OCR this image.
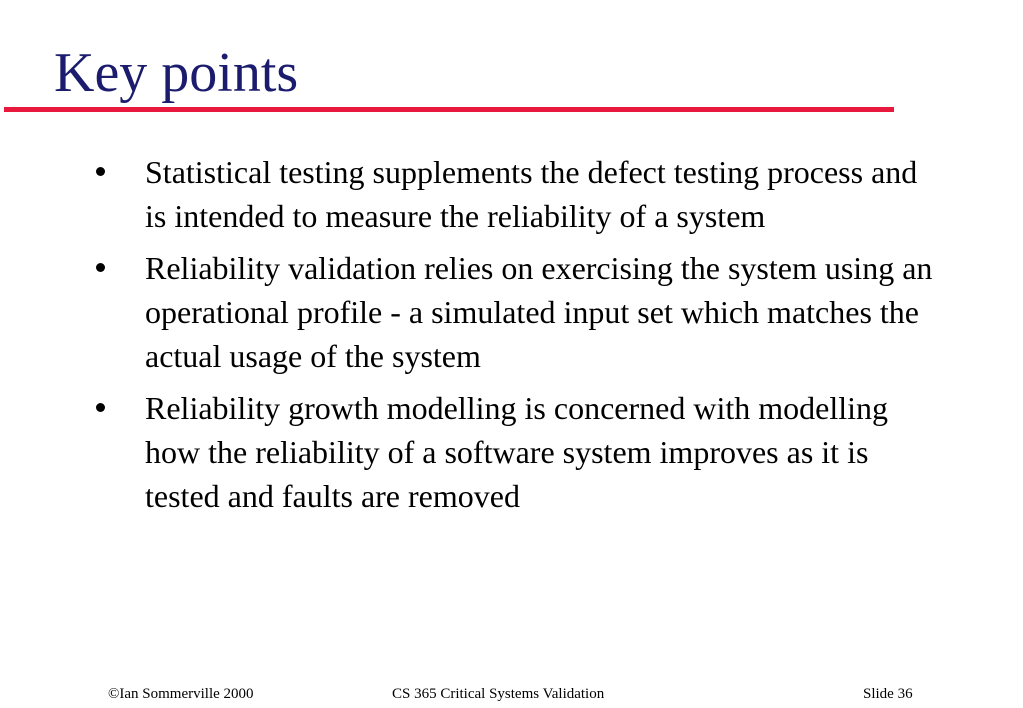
Key points
Statistical testing supplements the defect testing process and is intended to measure the reliability of a system
Reliability validation relies on exercising the system using an operational profile - a simulated input set which matches the actual usage of the system
Reliability growth modelling is concerned with modelling how the reliability of a software system improves as it is tested and faults are removed
©Ian Sommerville 2000	CS 365 Critical Systems Validation	Slide 36
